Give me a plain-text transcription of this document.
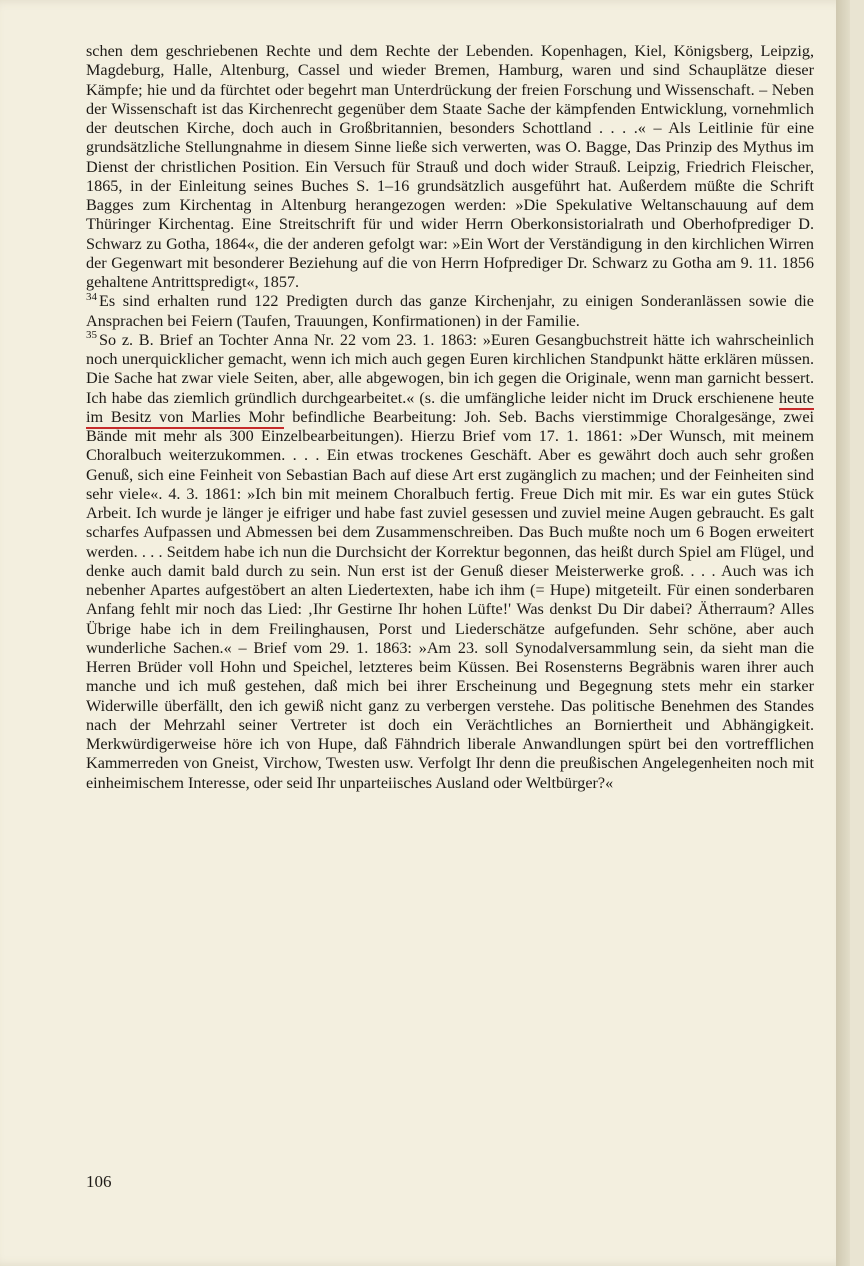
schen dem geschriebenen Rechte und dem Rechte der Lebenden. Kopenhagen, Kiel, Königsberg, Leipzig, Magdeburg, Halle, Altenburg, Cassel und wieder Bremen, Hamburg, waren und sind Schauplätze dieser Kämpfe; hie und da fürchtet oder begehrt man Unterdrückung der freien Forschung und Wissenschaft. – Neben der Wissenschaft ist das Kirchenrecht gegenüber dem Staate Sache der kämpfenden Entwicklung, vornehmlich der deutschen Kirche, doch auch in Großbritannien, besonders Schottland . . . .« – Als Leitlinie für eine grundsätzliche Stellungnahme in diesem Sinne ließe sich verwerten, was O. Bagge, Das Prinzip des Mythus im Dienst der christlichen Position. Ein Versuch für Strauß und doch wider Strauß. Leipzig, Friedrich Fleischer, 1865, in der Einleitung seines Buches S. 1–16 grundsätzlich ausgeführt hat. Außerdem müßte die Schrift Bagges zum Kirchentag in Altenburg herangezogen werden: »Die Spekulative Weltanschauung auf dem Thüringer Kirchentag. Eine Streitschrift für und wider Herrn Oberkonsistorialrath und Oberhofprediger D. Schwarz zu Gotha, 1864«, die der anderen gefolgt war: »Ein Wort der Verständigung in den kirchlichen Wirren der Gegenwart mit besonderer Beziehung auf die von Herrn Hofprediger Dr. Schwarz zu Gotha am 9. 11. 1856 gehaltene Antrittspredigt«, 1857.

$^{34}$ Es sind erhalten rund 122 Predigten durch das ganze Kirchenjahr, zu einigen Sonderanlässen sowie die Ansprachen bei Feiern (Taufen, Trauungen, Konfirmationen) in der Familie.

$^{35}$ So z. B. Brief an Tochter Anna Nr. 22 vom 23. 1. 1863: »Euren Gesangbuchstreit hätte ich wahrscheinlich noch unerquicklicher gemacht, wenn ich mich auch gegen Euren kirchlichen Standpunkt hätte erklären müssen. Die Sache hat zwar viele Seiten, aber, alle abgewogen, bin ich gegen die Originale, wenn man garnicht bessert. Ich habe das ziemlich gründlich durchgearbeitet.« (s. die umfängliche leider nicht im Druck erschienene heute im Besitz von Marlies Mohr befindliche Bearbeitung: Joh. Seb. Bachs vierstimmige Choralgesänge, zwei Bände mit mehr als 300 Einzelbearbeitungen). Hierzu Brief vom 17. 1. 1861: »Der Wunsch, mit meinem Choralbuch weiterzukommen. . . . Ein etwas trockenes Geschäft. Aber es gewährt doch auch sehr großen Genuß, sich eine Feinheit von Sebastian Bach auf diese Art erst zugänglich zu machen; und der Feinheiten sind sehr viele«. 4. 3. 1861: »Ich bin mit meinem Choralbuch fertig. Freue Dich mit mir. Es war ein gutes Stück Arbeit. Ich wurde je länger je eifriger und habe fast zuviel gesessen und zuviel meine Augen gebraucht. Es galt scharfes Aufpassen und Abmessen bei dem Zusammenschreiben. Das Buch mußte noch um 6 Bogen erweitert werden. . . . Seitdem habe ich nun die Durchsicht der Korrektur begonnen, das heißt durch Spiel am Flügel, und denke auch damit bald durch zu sein. Nun erst ist der Genuß dieser Meisterwerke groß. . . . Auch was ich nebenher Apartes aufgestöbert an alten Liedertexten, habe ich ihm (= Hupe) mitgeteilt. Für einen sonderbaren Anfang fehlt mir noch das Lied: ‚Ihr Gestirne Ihr hohen Lüfte!' Was denkst Du Dir dabei? Ätherraum? Alles Übrige habe ich in dem Freilinghausen, Porst und Liederschätze aufgefunden. Sehr schöne, aber auch wunderliche Sachen.« – Brief vom 29. 1. 1863: »Am 23. soll Synodalversammlung sein, da sieht man die Herren Brüder voll Hohn und Speichel, letzteres beim Küssen. Bei Rosensterns Begräbnis waren ihrer auch manche und ich muß gestehen, daß mich bei ihrer Erscheinung und Begegnung stets mehr ein starker Widerwille überfällt, den ich gewiß nicht ganz zu verbergen verstehe. Das politische Benehmen des Standes nach der Mehrzahl seiner Vertreter ist doch ein Verächtliches an Borniertheit und Abhängigkeit. Merkwürdigerweise höre ich von Hupe, daß Fähndrich liberale Anwandlungen spürt bei den vortrefflichen Kammerreden von Gneist, Virchow, Twesten usw. Verfolgt Ihr denn die preußischen Angelegenheiten noch mit einheimischem Interesse, oder seid Ihr unparteiisches Ausland oder Weltbürger?«

106
